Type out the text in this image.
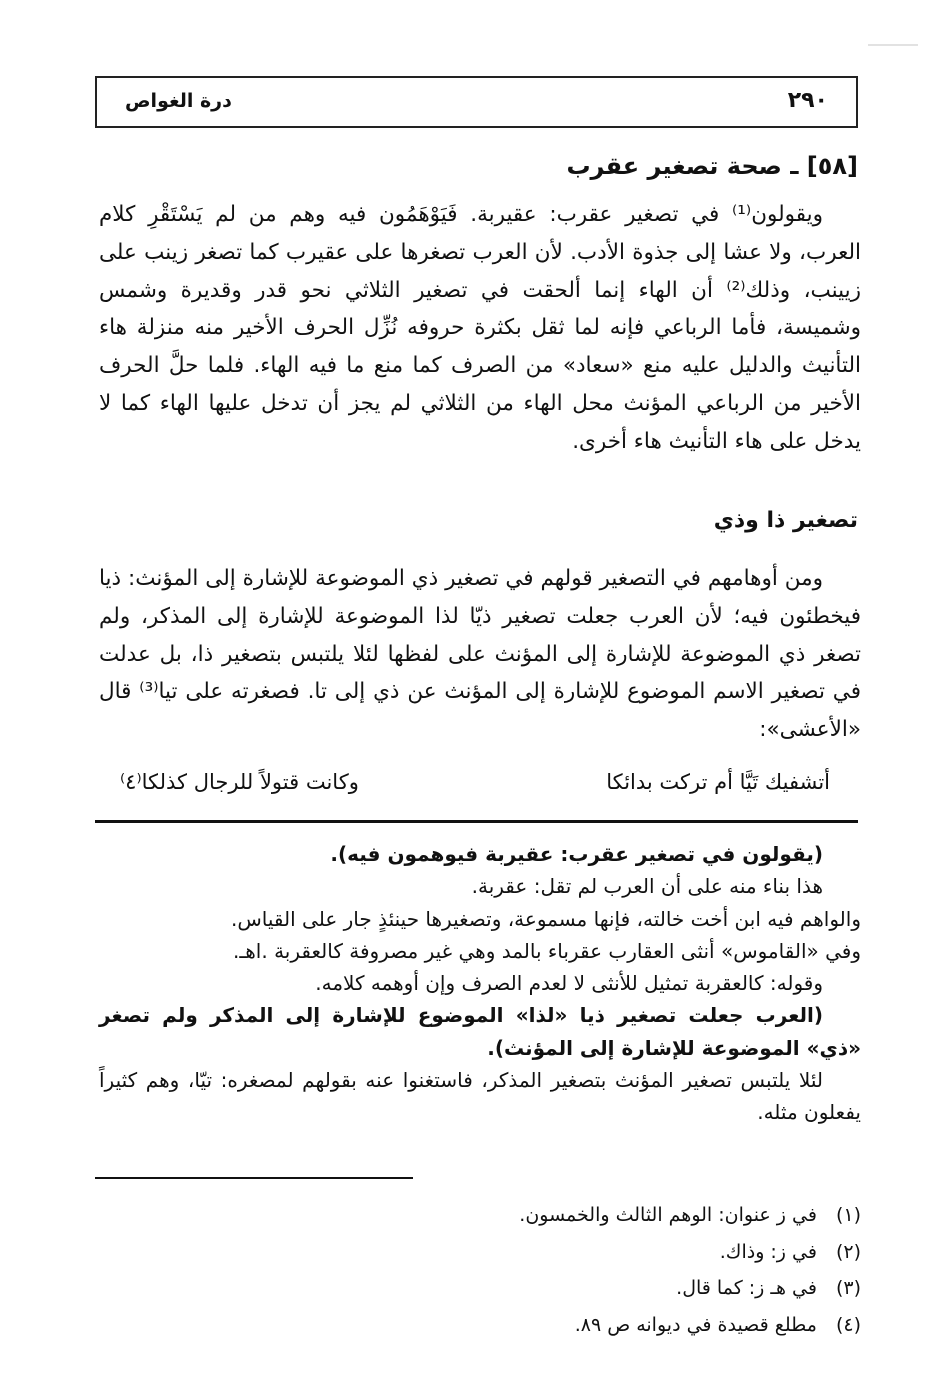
٢٩٠
درة الغواص
[٥٨] ـ صحة تصغير عقرب

ويقولون⁽¹⁾ في تصغير عقرب: عقيربة. فَيَوْهَمُون فيه وهم من لم يَسْتَقْرِ كلام العرب، ولا عشا إلى جذوة الأدب. لأن العرب تصغرها على عقيرب كما تصغر زينب على زيينب، وذلك⁽²⁾ أن الهاء إنما ألحقت في تصغير الثلاثي نحو قدر وقديرة وشمس وشميسة، فأما الرباعي فإنه لما ثقل بكثرة حروفه نُزِّل الحرف الأخير منه منزلة هاء التأنيث والدليل عليه منع «سعاد» من الصرف كما منع ما فيه الهاء. فلما حلَّ الحرف الأخير من الرباعي المؤنث محل الهاء من الثلاثي لم يجز أن تدخل عليها الهاء كما لا يدخل على هاء التأنيث هاء أخرى.

تصغير ذا وذي

ومن أوهامهم في التصغير قولهم في تصغير ذي الموضوعة للإشارة إلى المؤنث: ذيا فيخطئون فيه؛ لأن العرب جعلت تصغير ذيّا لذا الموضوعة للإشارة إلى المذكر، ولم تصغر ذي الموضوعة للإشارة إلى المؤنث على لفظها لئلا يلتبس بتصغير ذا، بل عدلت في تصغير الاسم الموضوع للإشارة إلى المؤنث عن ذي إلى تا. فصغرته على تيا⁽³⁾ قال «الأعشى»:

أتشفيك تَيَّا أم تركت بدائكا
وكانت قتولاً للرجال كذلكا⁽٤⁾

(يقولون في تصغير عقرب: عقيربة فيوهمون فيه).

هذا بناء منه على أن العرب لم تقل: عقربة.

والواهم فيه ابن أخت خالته، فإنها مسموعة، وتصغيرها حينئذٍ جار على القياس.

وفي «القاموس» أنثى العقارب عقرباء بالمد وهي غير مصروفة كالعقربة .اهـ.

وقوله: كالعقربة تمثيل للأنثى لا لعدم الصرف وإن أوهمه كلامه.

(العرب جعلت تصغير ذيا «لذا» الموضوع للإشارة إلى المذكر ولم تصغر «ذي» الموضوعة للإشارة إلى المؤنث).

لئلا يلتبس تصغير المؤنث بتصغير المذكر، فاستغنوا عنه بقولهم لمصغره: تيّا، وهم كثيراً يفعلون مثله.

(١) في ز عنوان: الوهم الثالث والخمسون.
(٢) في ز: وذاك.
(٣) في هـ ز: كما قال.
(٤) مطلع قصيدة في ديوانه ص ٨٩.
